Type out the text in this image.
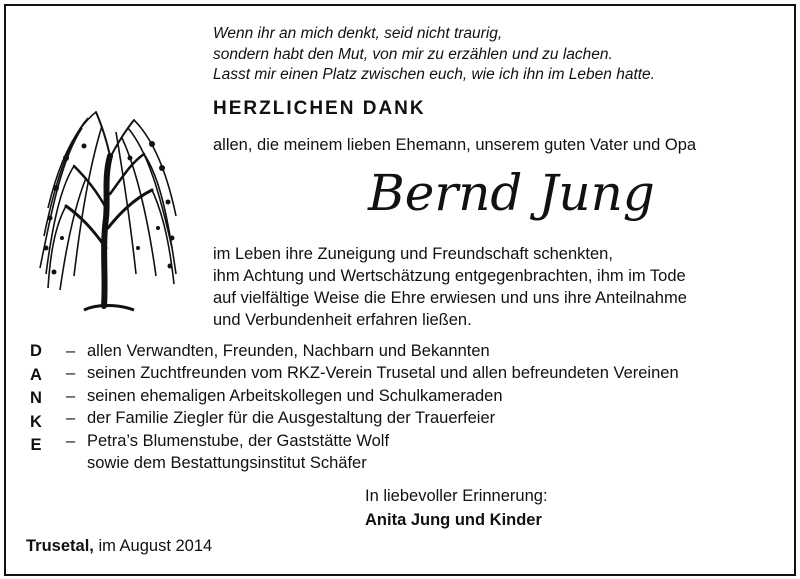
Wenn ihr an mich denkt, seid nicht traurig,
sondern habt den Mut, von mir zu erzählen und zu lachen.
Lasst mir einen Platz zwischen euch, wie ich ihn im Leben hatte.
HERZLICHEN DANK
allen, die meinem lieben Ehemann, unserem guten Vater und Opa
Bernd Jung
im Leben ihre Zuneigung und Freundschaft schenkten,
ihm Achtung und Wertschätzung entgegenbrachten, ihm im Tode
auf vielfältige Weise die Ehre erwiesen und uns ihre Anteilnahme
und Verbundenheit erfahren ließen.
D
A
N
K
E
– allen Verwandten, Freunden, Nachbarn und Bekannten
– seinen Zuchtfreunden vom RKZ-Verein Trusetal und allen befreundeten Vereinen
– seinen ehemaligen Arbeitskollegen und Schulkameraden
– der Familie Ziegler für die Ausgestaltung der Trauerfeier
– Petra’s Blumenstube, der Gaststätte Wolf
sowie dem Bestattungsinstitut Schäfer
In liebevoller Erinnerung:
Anita Jung und Kinder
Trusetal, im August 2014
